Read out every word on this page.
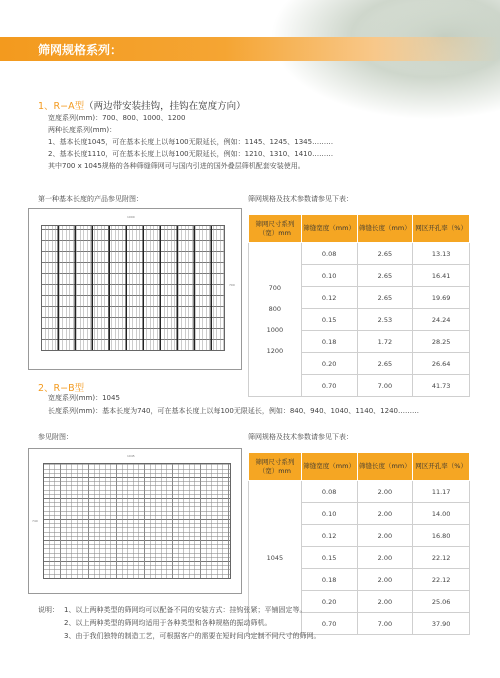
筛网规格系列：
1、R−A型（两边带安装挂钩，挂钩在宽度方向）
宽度系列(mm)：700、800、1000、1200
两种长度系列(mm)：
1、基本长度1045，可在基本长度上以每100无限延长，例如：1145、1245、1345………
2、基本长度1110，可在基本长度上以每100无限延长，例如：1210、1310、1410………
其中700 x 1045规格的各种筛缝筛网可与国内引进的国外叠层筛机配套安装使用。
第一种基本长度的产品参见附图：	筛网规格及技术参数请参见下表：
1000
700
筛网尺寸系列（宽）mm	筛缝宽度（mm）	筛缝长度（mm）	网区开孔率（%）

700
800
1000
1200	0.08	2.65	13.13
	0.10	2.65	16.41
	0.12	2.65	19.69
	0.15	2.53	24.24
	0.18	1.72	28.25
	0.20	2.65	26.64
	0.70	7.00	41.73
2、R−B型
宽度系列(mm)：1045
长度系列(mm)：基本长度为740，可在基本长度上以每100无限延长，例如：840、940、1040、1140、1240………
参见附图：	筛网规格及技术参数请参见下表：
1045
740
筛网尺寸系列（宽）mm	筛缝宽度（mm）	筛缝长度（mm）	网区开孔率（%）

1045	0.08	2.00	11.17
	0.10	2.00	14.00
	0.12	2.00	16.80
	0.15	2.00	22.12
	0.18	2.00	22.12
	0.20	2.00	25.06
	0.70	7.00	37.90
说明： 1、以上两种类型的筛网均可以配备不同的安装方式：挂钩张紧；平铺固定等。
2、以上两种类型的筛网均适用于各种类型和各种规格的振动筛机。
3、由于我们独特的制造工艺，可根据客户的需要在短时间内定制不同尺寸的筛网。
